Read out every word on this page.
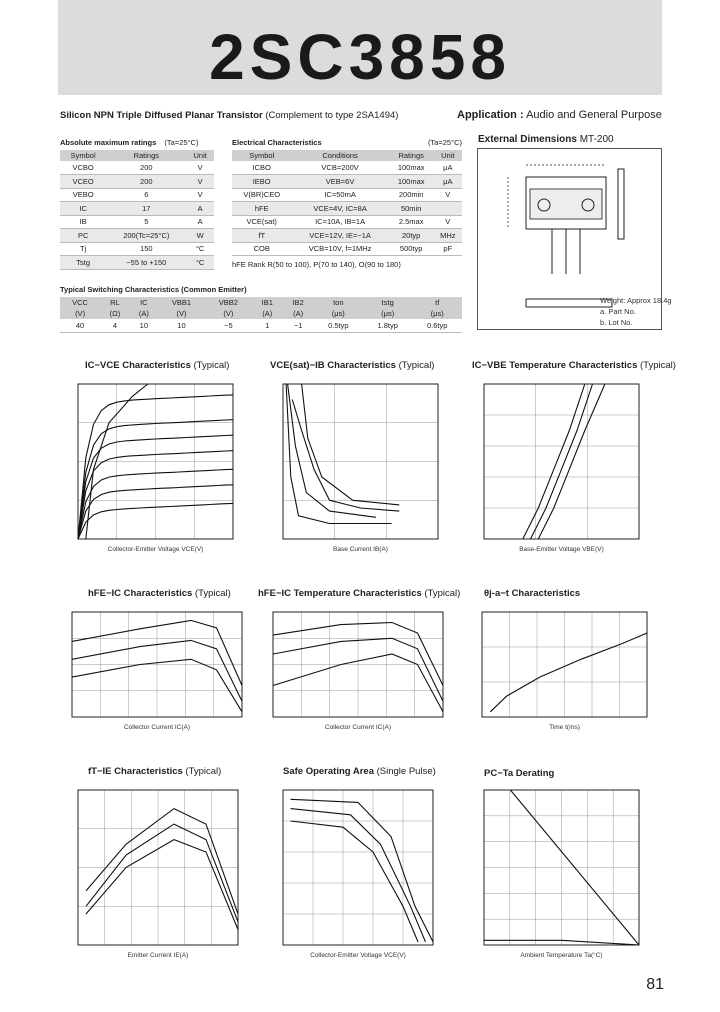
2SC3858
Silicon NPN Triple Diffused Planar Transistor (Complement to type 2SA1494)	Application : Audio and General Purpose
Absolute maximum ratings (Ta=25°C)
Symbol	Ratings	Unit
VCBO	200	V
VCEO	200	V
VEBO	6	V
IC	17	A
IB	5	A
PC	200(Tc=25°C)	W
Tj	150	°C
Tstg	−55 to +150	°C
Electrical Characteristics	(Ta=25°C)
Symbol	Conditions	Ratings	Unit
ICBO	VCB=200V	100max	μA
IEBO	VEB=6V	100max	μA
V(BR)CEO	IC=50mA	200min	V
hFE	VCE=4V, IC=8A	50min	
VCE(sat)	IC=10A, IB=1A	2.5max	V
fT	VCE=12V, IE=−1A	20typ	MHz
COB	VCB=10V, f=1MHz	500typ	pF
hFE Rank R(50 to 100), P(70 to 140), O(90 to 180)
Typical Switching Characteristics (Common Emitter)
VCC	RL	IC	VBB1	VBB2	IB1	IB2	ton	tstg	tf
(V)	(Ω)	(A)	(V)	(V)	(A)	(A)	(μs)	(μs)	(μs)
40	4	10	10	−5	1	−1	0.5typ	1.8typ	0.6typ
External Dimensions MT-200
Weight: Approx 18.4g
a. Part No.
b. Lot No.
IC−VCE Characteristics (Typical)	VCE(sat)−IB Characteristics (Typical)	IC−VBE Temperature Characteristics (Typical)
hFE−IC Characteristics (Typical)	hFE−IC Temperature Characteristics (Typical) θj-a−t Characteristics
fT−IE Characteristics (Typical)	Safe Operating Area (Single Pulse)	PC−Ta Derating
Collector-Emitter Voltage VCE(V)	Base Current IB(A)	Base-Emitter Voltage VBE(V)
Collector Current IC(A)	Collector Current IC(A)	Time t(ms)
Emitter Current IE(A)	Collector-Emitter Voltage VCE(V)	Ambient Temperature Ta(°C)
81
